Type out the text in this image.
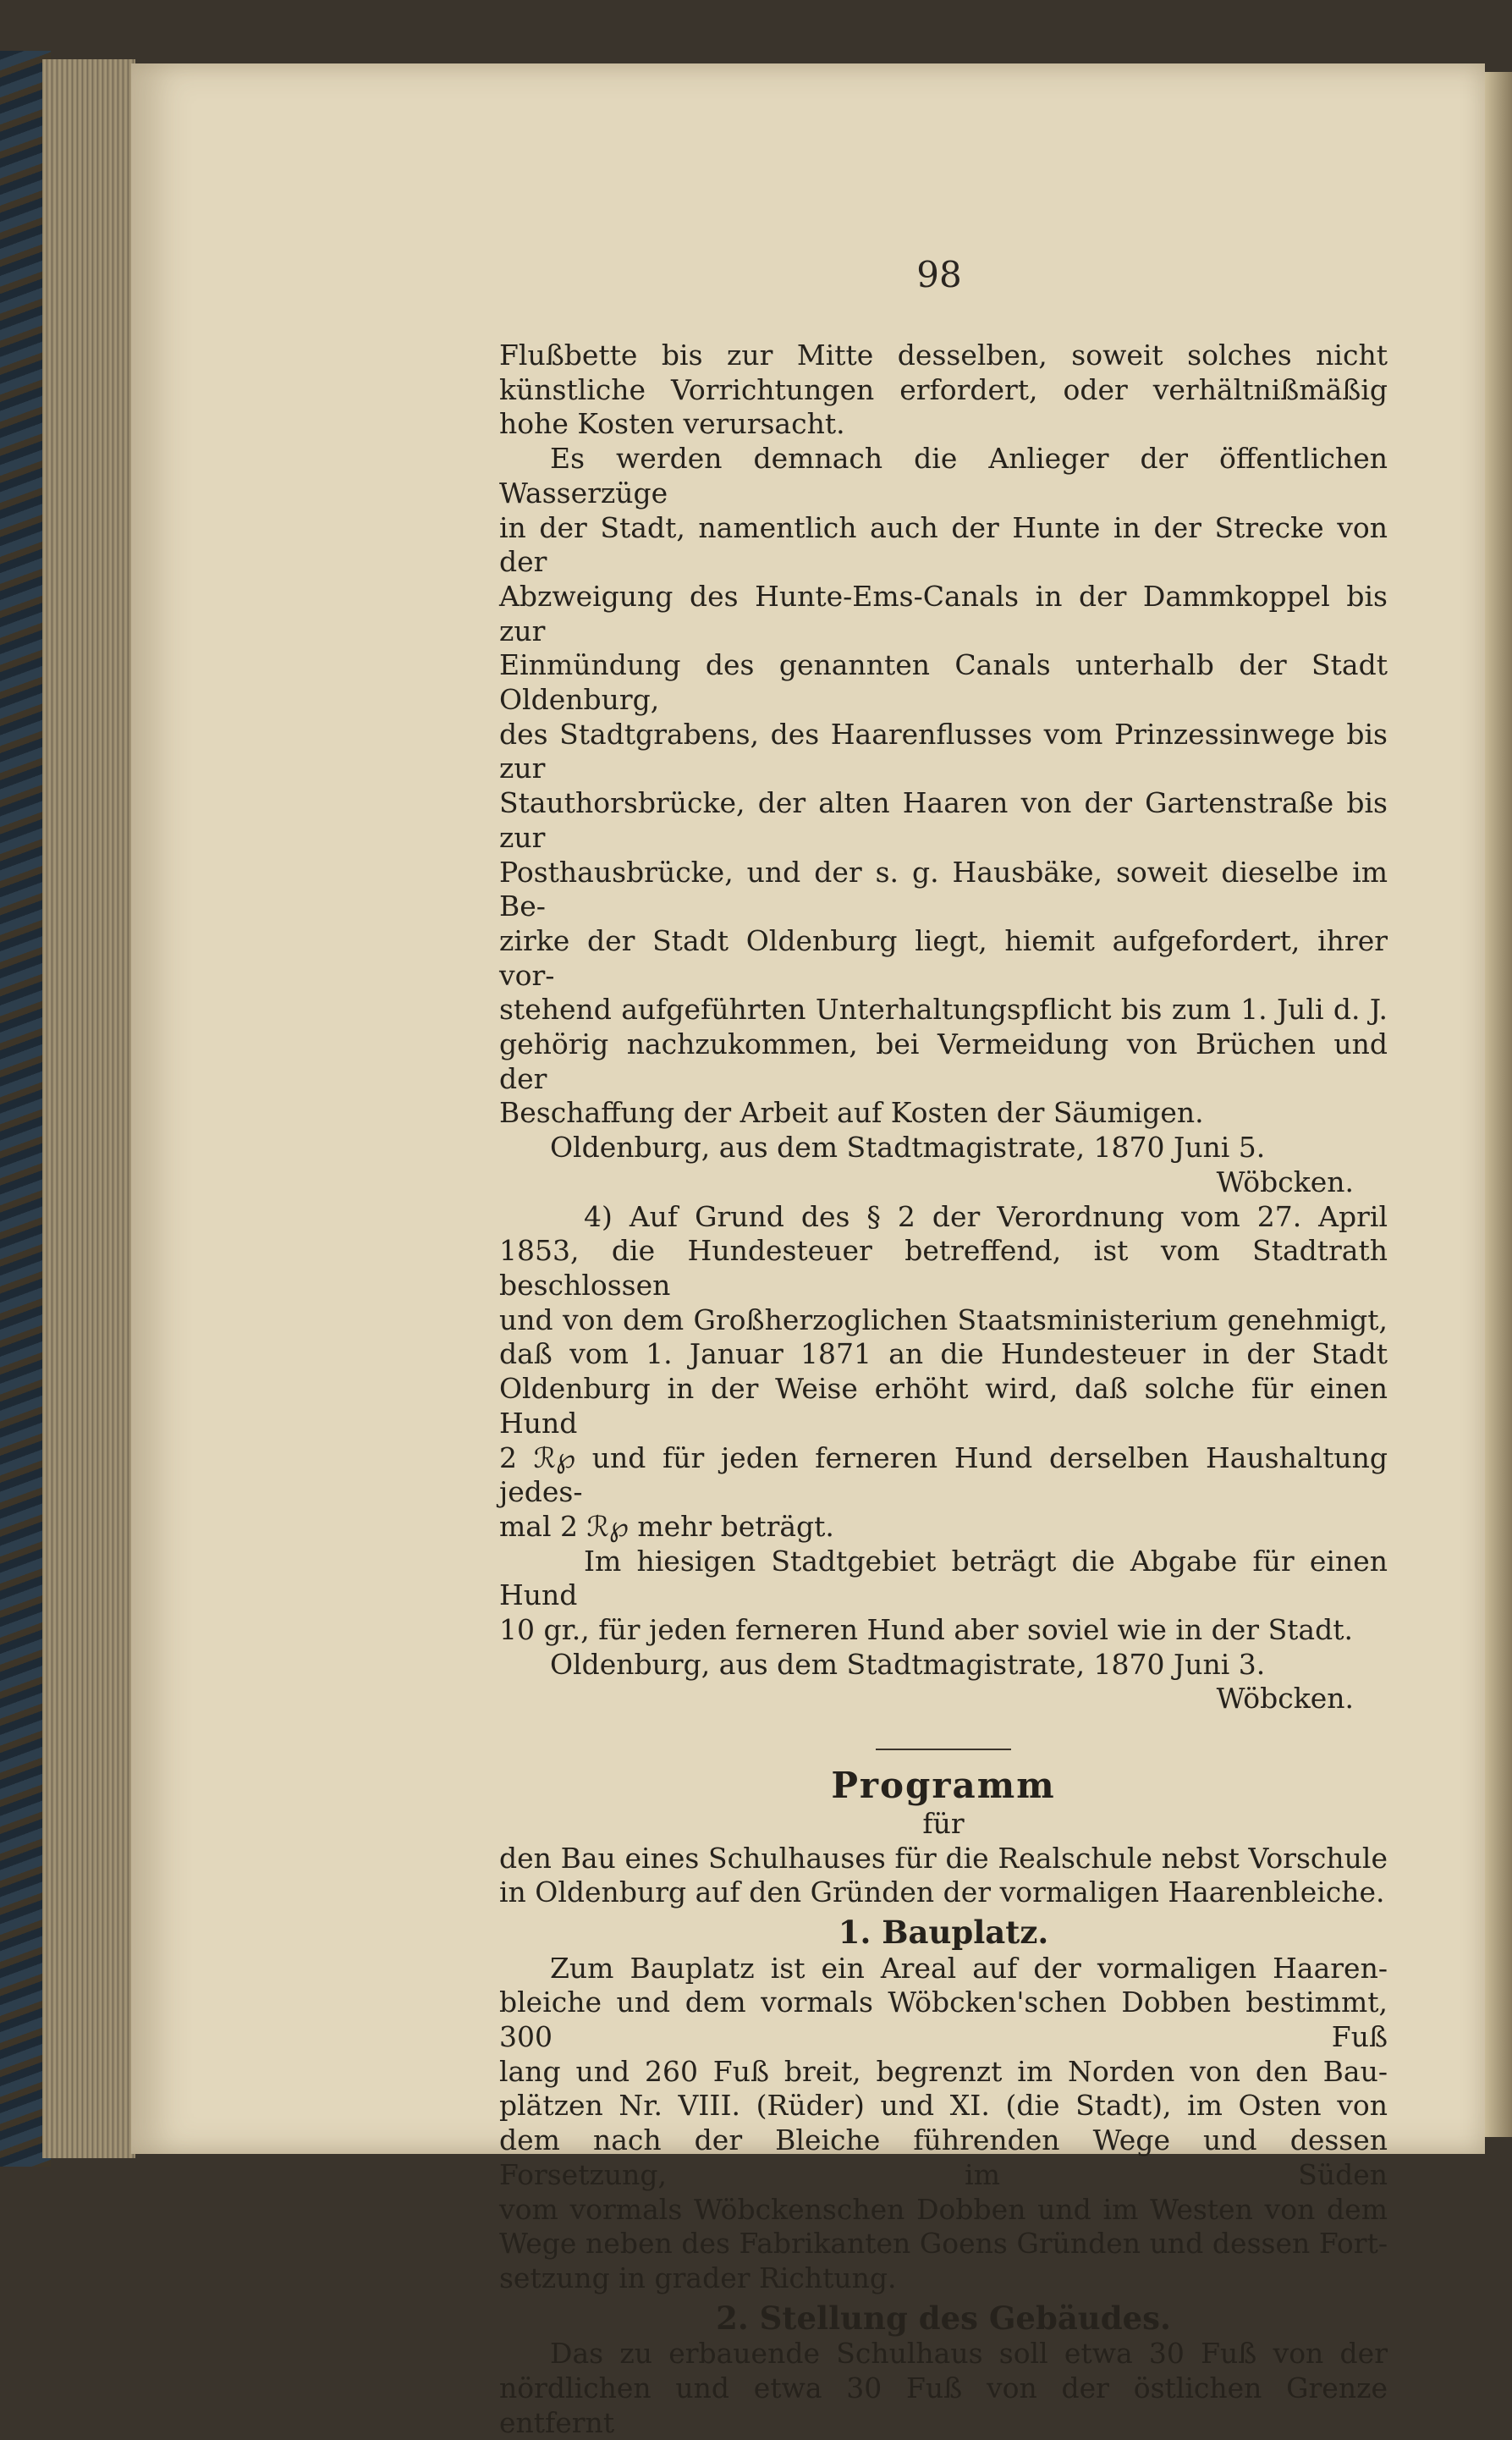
98

Flußbette bis zur Mitte desselben, soweit solches nicht

künstliche Vorrichtungen erfordert, oder verhältnißmäßig

hohe Kosten verursacht.

Es werden demnach die Anlieger der öffentlichen Wasserzüge

in der Stadt, namentlich auch der Hunte in der Strecke von der

Abzweigung des Hunte-Ems-Canals in der Dammkoppel bis zur

Einmündung des genannten Canals unterhalb der Stadt Oldenburg,

des Stadtgrabens, des Haarenflusses vom Prinzessinwege bis zur

Stauthorsbrücke, der alten Haaren von der Gartenstraße bis zur

Posthausbrücke, und der s. g. Hausbäke, soweit dieselbe im Be-

zirke der Stadt Oldenburg liegt, hiemit aufgefordert, ihrer vor-

stehend aufgeführten Unterhaltungspflicht bis zum 1. Juli d. J.

gehörig nachzukommen, bei Vermeidung von Brüchen und der

Beschaffung der Arbeit auf Kosten der Säumigen.

Oldenburg, aus dem Stadtmagistrate, 1870 Juni 5.

Wöbcken.

4) Auf Grund des § 2 der Verordnung vom 27. April

1853, die Hundesteuer betreffend, ist vom Stadtrath beschlossen

und von dem Großherzoglichen Staatsministerium genehmigt,

daß vom 1. Januar 1871 an die Hundesteuer in der Stadt

Oldenburg in der Weise erhöht wird, daß solche für einen Hund

2 ℛ℘ und für jeden ferneren Hund derselben Haushaltung jedes-

mal 2 ℛ℘ mehr beträgt.

Im hiesigen Stadtgebiet beträgt die Abgabe für einen Hund

10 gr., für jeden ferneren Hund aber soviel wie in der Stadt.

Oldenburg, aus dem Stadtmagistrate, 1870 Juni 3.

Wöbcken.

Programm

für

den Bau eines Schulhauses für die Realschule nebst Vorschule

in Oldenburg auf den Gründen der vormaligen Haarenbleiche.

1. Bauplatz.

Zum Bauplatz ist ein Areal auf der vormaligen Haaren-

bleiche und dem vormals Wöbcken'schen Dobben bestimmt, 300 Fuß

lang und 260 Fuß breit, begrenzt im Norden von den Bau-

plätzen Nr. VIII. (Rüder) und XI. (die Stadt), im Osten von

dem nach der Bleiche führenden Wege und dessen Forsetzung, im Süden

vom vormals Wöbckenschen Dobben und im Westen von dem

Wege neben des Fabrikanten Goens Gründen und dessen Fort-

setzung in grader Richtung.

2. Stellung des Gebäudes.

Das zu erbauende Schulhaus soll etwa 30 Fuß von der

nördlichen und etwa 30 Fuß von der östlichen Grenze entfernt
